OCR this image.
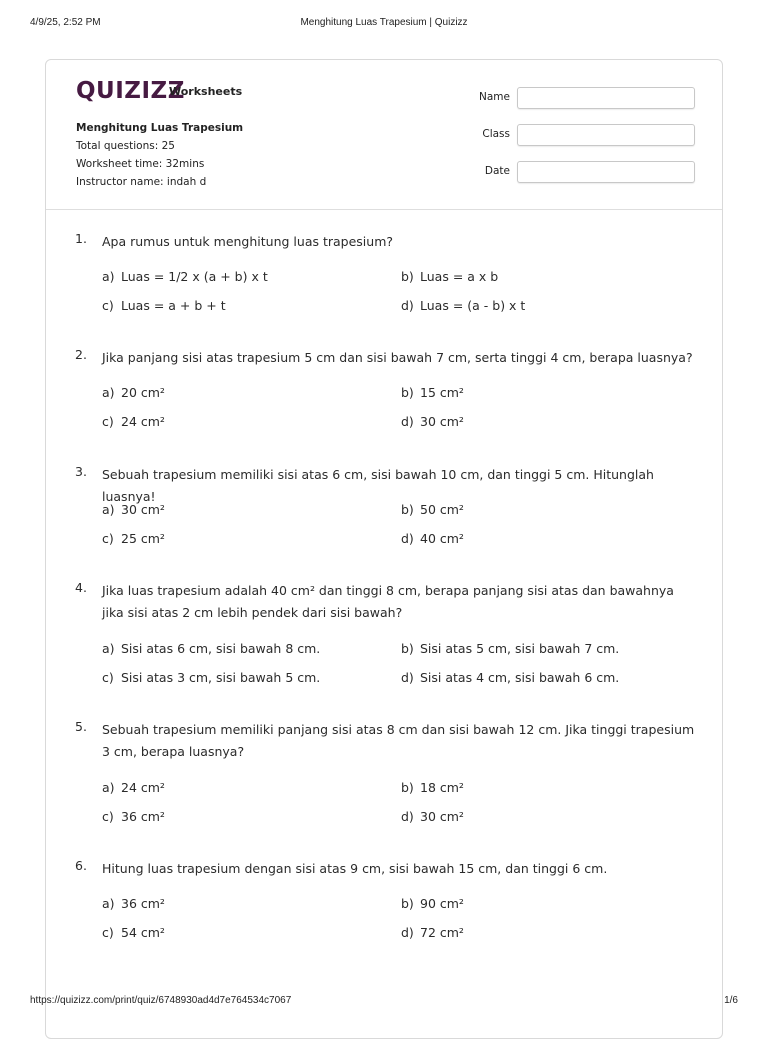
4/9/25, 2:52 PM	Menghitung Luas Trapesium | Quizizz
QUIZIZZ
Worksheets
Menghitung Luas Trapesium
Total questions: 25
Worksheet time: 32mins
Instructor name: indah d
Name
Class
Date
1. Apa rumus untuk menghitung luas trapesium?
a) Luas = 1/2 x (a + b) x t	b) Luas = a x b
c) Luas = a + b + t	d) Luas = (a - b) x t
2. Jika panjang sisi atas trapesium 5 cm dan sisi bawah 7 cm, serta tinggi 4 cm, berapa luasnya?
a) 20 cm²	b) 15 cm²
c) 24 cm²	d) 30 cm²
3. Sebuah trapesium memiliki sisi atas 6 cm, sisi bawah 10 cm, dan tinggi 5 cm. Hitunglah luasnya!
a) 30 cm²	b) 50 cm²
c) 25 cm²	d) 40 cm²
4. Jika luas trapesium adalah 40 cm² dan tinggi 8 cm, berapa panjang sisi atas dan bawahnya jika sisi atas 2 cm lebih pendek dari sisi bawah?
a) Sisi atas 6 cm, sisi bawah 8 cm.	b) Sisi atas 5 cm, sisi bawah 7 cm.
c) Sisi atas 3 cm, sisi bawah 5 cm.	d) Sisi atas 4 cm, sisi bawah 6 cm.
5. Sebuah trapesium memiliki panjang sisi atas 8 cm dan sisi bawah 12 cm. Jika tinggi trapesium 3 cm, berapa luasnya?
a) 24 cm²	b) 18 cm²
c) 36 cm²	d) 30 cm²
6. Hitung luas trapesium dengan sisi atas 9 cm, sisi bawah 15 cm, dan tinggi 6 cm.
a) 36 cm²	b) 90 cm²
c) 54 cm²	d) 72 cm²
https://quizizz.com/print/quiz/6748930ad4d7e764534c7067	1/6
